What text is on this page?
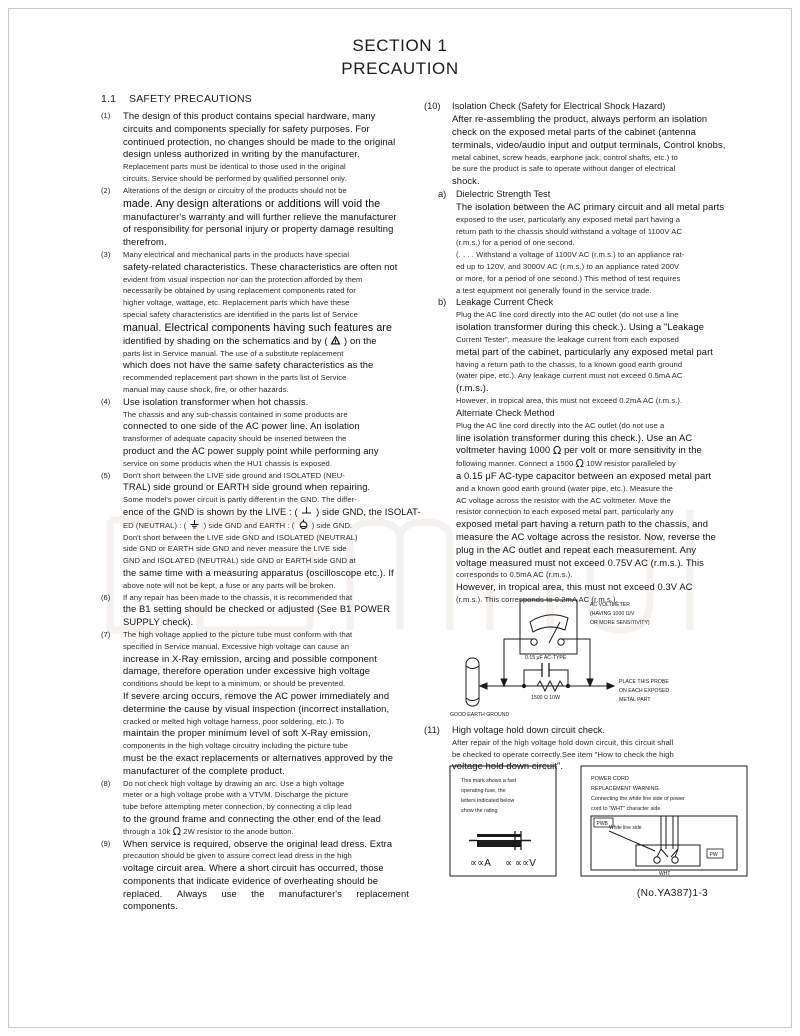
SECTION 1
PRECAUTION
1.1 SAFETY PRECAUTIONS
(1) The design of this product contains special hardware, many
circuits and components specially for safety purposes. For
continued protection, no changes should be made to the original
design unless authorized in writing by the manufacturer.
Replacement parts must be identical to those used in the original
circuits. Service should be performed by qualified personnel only.
(2) Alterations of the design or circuitry of the products should not be
made. Any design alterations or additions will void the
manufacturer's warranty and will further relieve the manufacturer
of responsibility for personal injury or property damage resulting
therefrom.
(3) Many electrical and mechanical parts in the products have special
safety-related characteristics. These characteristics are often not
evident from visual inspection nor can the protection afforded by them
necessarily be obtained by using replacement components rated for
higher voltage, wattage, etc. Replacement parts which have these
special safety characteristics are identified in the parts list of Service
manual. Electrical components having such features are
identified by shading on the schematics and by (  ) on the
parts list in Service manual. The use of a substitute replacement
which does not have the same safety characteristics as the
recommended replacement part shown in the parts list of Service
manual may cause shock, fire, or other hazards.
(4) Use isolation transformer when hot chassis.
The chassis and any sub-chassis contained in some products are
connected to one side of the AC power line. An isolation
transformer of adequate capacity should be inserted between the
product and the AC power supply point while performing any
service on some products when the HU1 chassis is exposed.
(5) Don't short between the LIVE side ground and ISOLATED (NEU-
TRAL) side ground or EARTH side ground when repairing.
Some model's power circuit is partly different in the GND. The differ-
ence of the GND is shown by the LIVE : (  ) side GND, the ISOLAT-
ED (NEUTRAL) : (  ) side GND and EARTH : (  ) side GND.
Don't short between the LIVE side GND and ISOLATED (NEUTRAL)
side GND or EARTH side GND and never measure the LIVE side
GND and ISOLATED (NEUTRAL) side GND or EARTH side GND at
the same time with a measuring apparatus (oscilloscope etc.). If
above note will not be kept, a fuse or any parts will be broken.
(6) If any repair has been made to the chassis, it is recommended that
the B1 setting should be checked or adjusted (See B1 POWER
SUPPLY check).
(7) The high voltage applied to the picture tube must conform with that
specified in Service manual. Excessive high voltage can cause an
increase in X-Ray emission, arcing and possible component
damage, therefore operation under excessive high voltage
conditions should be kept to a minimum, or should be prevented.
If severe arcing occurs, remove the AC power immediately and
determine the cause by visual inspection (incorrect installation,
cracked or melted high voltage harness, poor soldering, etc.). To
maintain the proper minimum level of soft X-Ray emission,
components in the high voltage circuitry including the picture tube
must be the exact replacements or alternatives approved by the
manufacturer of the complete product.
(8) Do not check high voltage by drawing an arc. Use a high voltage
meter or a high voltage probe with a VTVM. Discharge the picture
tube before attempting meter connection, by connecting a clip lead
to the ground frame and connecting the other end of the lead
through a 10k Ω 2W resistor to the anode button.
(9) When service is required, observe the original lead dress. Extra
precaution should be given to assure correct lead dress in the high
voltage circuit area. Where a short circuit has occurred, those
components that indicate evidence of overheating should be
replaced. Always use the manufacturer's replacement
components.
(10) Isolation Check (Safety for Electrical Shock Hazard)
After re-assembling the product, always perform an isolation
check on the exposed metal parts of the cabinet (antenna
terminals, video/audio input and output terminals, Control knobs,
metal cabinet, screw heads, earphone jack, control shafts, etc.) to
be sure the product is safe to operate without danger of electrical
shock.
a) Dielectric Strength Test
The isolation between the AC primary circuit and all metal parts
exposed to the user, particularly any exposed metal part having a
return path to the chassis should withstand a voltage of 1100V AC
(r.m.s.) for a period of one second.
(. . . . Withstand a voltage of 1100V AC (r.m.s.) to an appliance rat-
ed up to 120V, and 3000V AC (r.m.s.) to an appliance rated 200V
or more, for a period of one second.) This method of test requires
a test equipment not generally found in the service trade.
b) Leakage Current Check
Plug the AC line cord directly into the AC outlet (do not use a line
isolation transformer during this check.). Using a "Leakage
Current Tester", measure the leakage current from each exposed
metal part of the cabinet, particularly any exposed metal part
having a return path to the chassis, to a known good earth ground
(water pipe, etc.). Any leakage current must not exceed 0.5mA AC
(r.m.s.).
However, in tropical area, this must not exceed 0.2mA AC (r.m.s.).
Alternate Check Method
Plug the AC line cord directly into the AC outlet (do not use a
line isolation transformer during this check.). Use an AC
voltmeter having 1000 Ω per volt or more sensitivity in the
following manner. Connect a 1500 Ω 10W resistor paralleled by
a 0.15 μF AC-type capacitor between an exposed metal part
and a known good earth ground (water pipe, etc.). Measure the
AC voltage across the resistor with the AC voltmeter. Move the
resistor connection to each exposed metal part, particularly any
exposed metal part having a return path to the chassis, and
measure the AC voltage across the resistor. Now, reverse the
plug in the AC outlet and repeat each measurement. Any
voltage measured must not exceed 0.75V AC (r.m.s.). This
corresponds to 0.5mA AC (r.m.s.).
However, in tropical area, this must not exceed 0.3V AC
(r.m.s.). This corresponds to 0.2mA AC (r.m.s.).
(11) High voltage hold down circuit check.
After repair of the high voltage hold down circuit, this circuit shall
be checked to operate correctly.See item "How to check the high
voltage hold down circuit".
AC VOLTMETER
(HAVING 1000 Ω/V
OR MORE SENSITIVITY)
0.15 μF AC-TYPE
1500 Ω 10W
PLACE THIS PROBE
ON EACH EXPOSED
METAL PART
GOOD EARTH GROUND
This mark shows a fast
operating fuse, the
letters indicated below
show the rating
∝∝A ∝ ∝∝V
POWER CORD
REPLACEMENT WARNING.
Connecting the white line side of power
cord to "WHT" character side.
PWB
White line side
PW
WHT
(No.YA387)1-3
